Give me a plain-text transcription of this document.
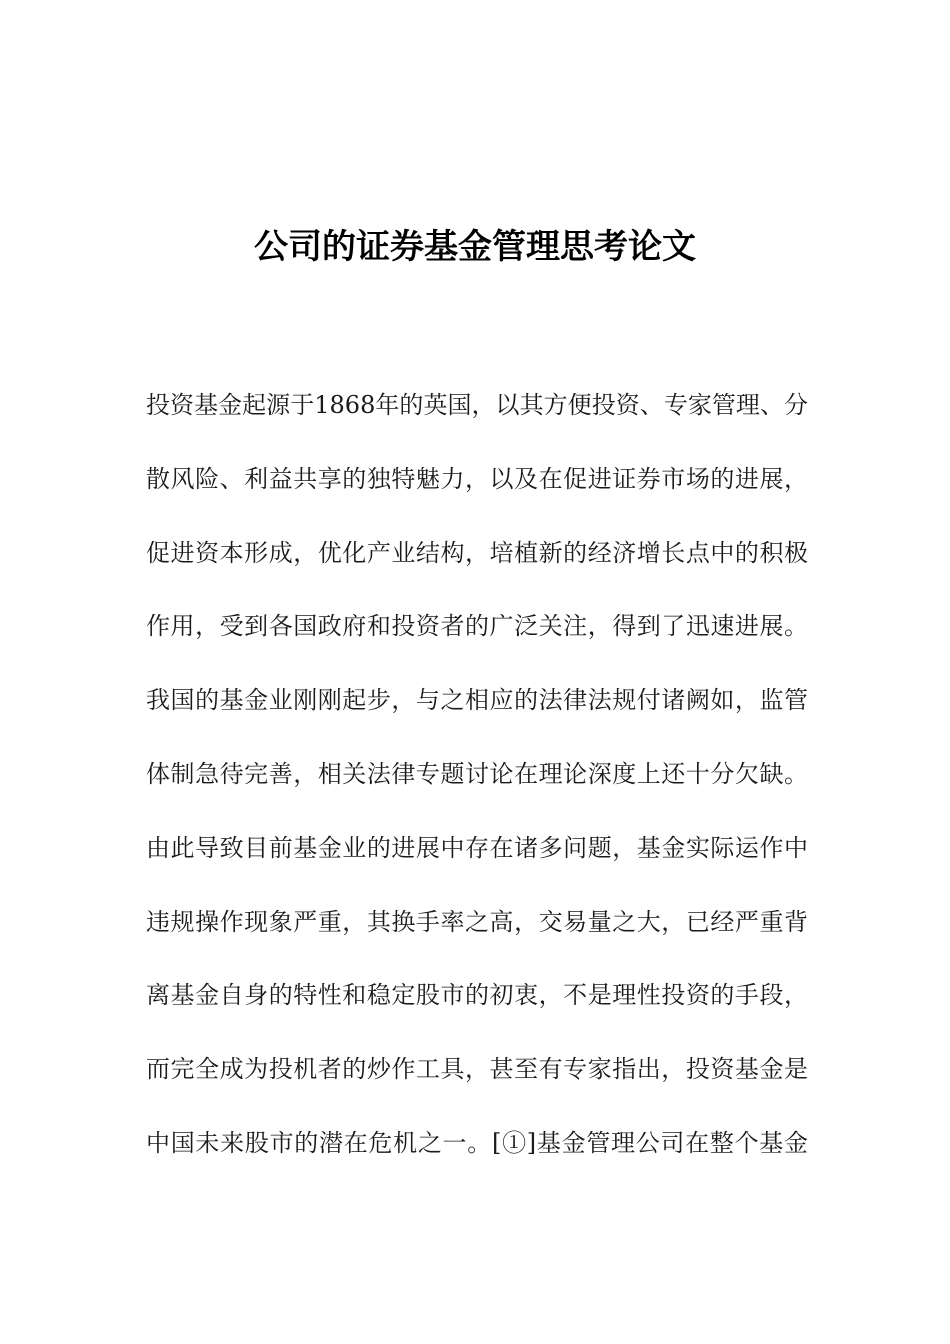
公司的证券基金管理思考论文
投资基金起源于1868年的英国，以其方便投资、专家管理、分
散风险、利益共享的独特魅力，以及在促进证券市场的进展，
促进资本形成，优化产业结构，培植新的经济增长点中的积极
作用，受到各国政府和投资者的广泛关注，得到了迅速进展。
我国的基金业刚刚起步，与之相应的法律法规付诸阙如，监管
体制急待完善，相关法律专题讨论在理论深度上还十分欠缺。
由此导致目前基金业的进展中存在诸多问题，基金实际运作中
违规操作现象严重，其换手率之高，交易量之大，已经严重背
离基金自身的特性和稳定股市的初衷，不是理性投资的手段，
而完全成为投机者的炒作工具，甚至有专家指出，投资基金是
中国未来股市的潜在危机之一。[①]基金管理公司在整个基金
